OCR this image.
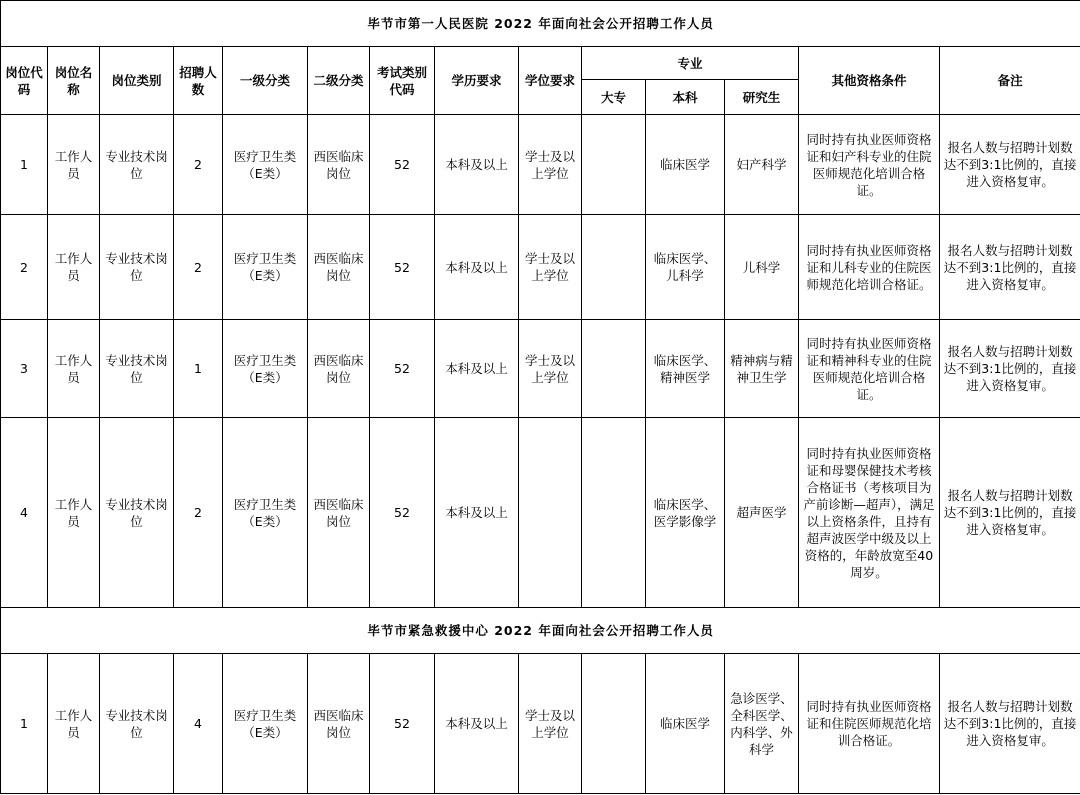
毕节市第一人民医院 2022 年面向社会公开招聘工作人员													
岗位代码	岗位名称	岗位类别	招聘人数	一级分类	二级分类	考试类别代码	学历要求	学位要求	专业			其他资格条件	备注
									大专	本科	研究生		
1	工作人员	专业技术岗位	2	医疗卫生类（E类）	西医临床岗位	52	本科及以上	学士及以上学位		临床医学	妇产科学	同时持有执业医师资格证和妇产科专业的住院医师规范化培训合格证。	报名人数与招聘计划数达不到3:1比例的，直接进入资格复审。
2	工作人员	专业技术岗位	2	医疗卫生类（E类）	西医临床岗位	52	本科及以上	学士及以上学位		临床医学、儿科学	儿科学	同时持有执业医师资格证和儿科专业的住院医师规范化培训合格证。	报名人数与招聘计划数达不到3:1比例的，直接进入资格复审。
3	工作人员	专业技术岗位	1	医疗卫生类（E类）	西医临床岗位	52	本科及以上	学士及以上学位		临床医学、精神医学	精神病与精神卫生学	同时持有执业医师资格证和精神科专业的住院医师规范化培训合格证。	报名人数与招聘计划数达不到3:1比例的，直接进入资格复审。
4	工作人员	专业技术岗位	2	医疗卫生类（E类）	西医临床岗位	52	本科及以上			临床医学、医学影像学	超声医学	同时持有执业医师资格证和母婴保健技术考核合格证书（考核项目为产前诊断—超声），满足以上资格条件，且持有超声波医学中级及以上资格的，年龄放宽至40周岁。	报名人数与招聘计划数达不到3:1比例的，直接进入资格复审。
毕节市紧急救援中心 2022 年面向社会公开招聘工作人员													
1	工作人员	专业技术岗位	4	医疗卫生类（E类）	西医临床岗位	52	本科及以上	学士及以上学位		临床医学	急诊医学、全科医学、内科学、外科学	同时持有执业医师资格证和住院医师规范化培训合格证。	报名人数与招聘计划数达不到3:1比例的，直接进入资格复审。
